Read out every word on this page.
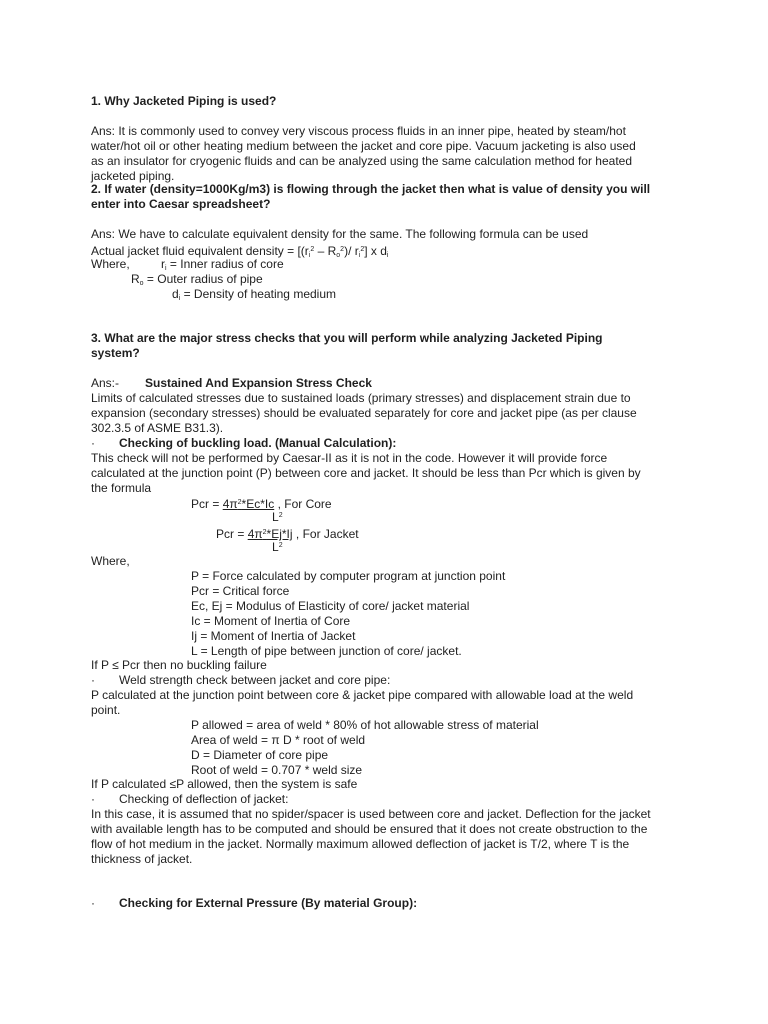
1. Why Jacketed Piping is used?
Ans: It is commonly used to convey very viscous process fluids in an inner pipe, heated by steam/hot
water/hot oil or other heating medium between the jacket and core pipe. Vacuum jacketing is also used
as an insulator for cryogenic fluids and can be analyzed using the same calculation method for heated
jacketed piping.
2. If water (density=1000Kg/m3) is flowing through the jacket then what is value of density you will
enter into Caesar spreadsheet?
Ans: We have to calculate equivalent density for the same. The following formula can be used
Actual jacket fluid equivalent density = [$(r_i^2 - R_o^2)/$ $r_i^2$] x $d_i$
Where,	$r_i$ = Inner radius of core
$R_o$ = Outer radius of pipe
$d_i$ = Density of heating medium
3. What are the major stress checks that you will perform while analyzing Jacketed Piping
system?
Ans:- Sustained And Expansion Stress Check
Limits of calculated stresses due to sustained loads (primary stresses) and displacement strain due to
expansion (secondary stresses) should be evaluated separately for core and jacket pipe (as per clause
302.3.5 of ASME B31.3).
· Checking of buckling load. (Manual Calculation):
This check will not be performed by Caesar-II as it is not in the code. However it will provide force
calculated at the junction point (P) between core and jacket. It should be less than Pcr which is given by
the formula
Pcr = $4\pi^2*Ec*Ic$ , For Core
$L^2$
Pcr = $4\pi^2*Ej*Ij$ , For Jacket
$L^2$
Where,
P = Force calculated by computer program at junction point
Pcr = Critical force
Ec, Ej = Modulus of Elasticity of core/ jacket material
Ic = Moment of Inertia of Core
Ij = Moment of Inertia of Jacket
L = Length of pipe between junction of core/ jacket.
If P ≤ Pcr then no buckling failure
· Weld strength check between jacket and core pipe:
P calculated at the junction point between core & jacket pipe compared with allowable load at the weld
point.
P allowed = area of weld * 80% of hot allowable stress of material
Area of weld = π D * root of weld
D = Diameter of core pipe
Root of weld = 0.707 * weld size
If P calculated ≤P allowed, then the system is safe
· Checking of deflection of jacket:
In this case, it is assumed that no spider/spacer is used between core and jacket. Deflection for the jacket
with available length has to be computed and should be ensured that it does not create obstruction to the
flow of hot medium in the jacket. Normally maximum allowed deflection of jacket is T/2, where T is the
thickness of jacket.
· Checking for External Pressure (By material Group):
